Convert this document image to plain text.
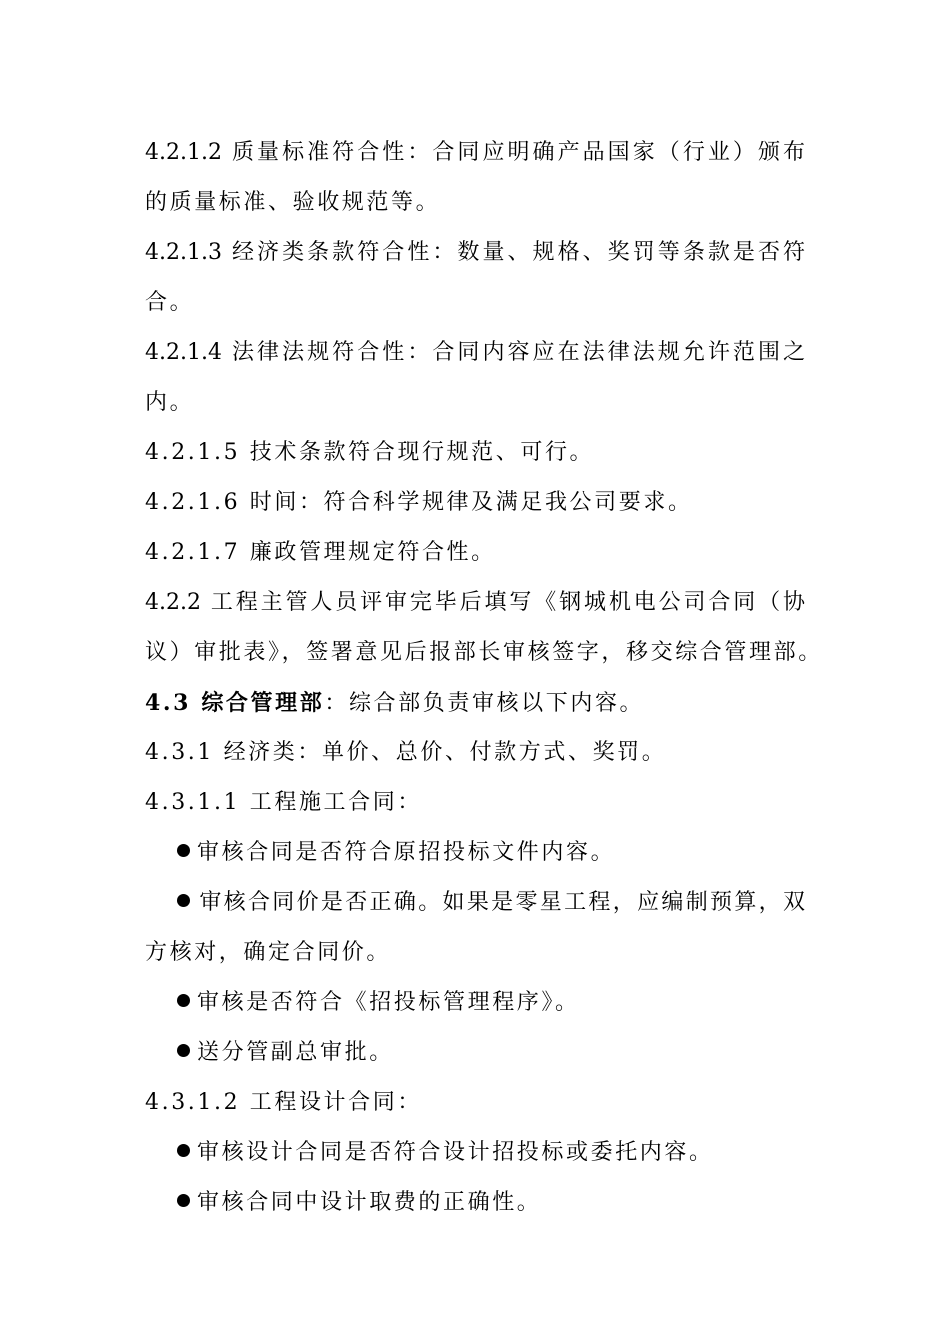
4.2.1.2 质量标准符合性：合同应明确产品国家（行业）颁布
的质量标准、验收规范等。
4.2.1.3 经济类条款符合性：数量、规格、奖罚等条款是否符
合。
4.2.1.4 法律法规符合性：合同内容应在法律法规允许范围之
内。
4.2.1.5 技术条款符合现行规范、可行。
4.2.1.6 时间：符合科学规律及满足我公司要求。
4.2.1.7 廉政管理规定符合性。
4.2.2 工程主管人员评审完毕后填写《钢城机电公司合同（协
议）审批表》，签署意见后报部长审核签字，移交综合管理部。
4.3 综合管理部：综合部负责审核以下内容。
4.3.1 经济类：单价、总价、付款方式、奖罚。
4.3.1.1 工程施工合同：
审核合同是否符合原招投标文件内容。
审核合同价是否正确。如果是零星工程，应编制预算，双
方核对，确定合同价。
审核是否符合《招投标管理程序》。
送分管副总审批。
4.3.1.2 工程设计合同：
审核设计合同是否符合设计招投标或委托内容。
审核合同中设计取费的正确性。
